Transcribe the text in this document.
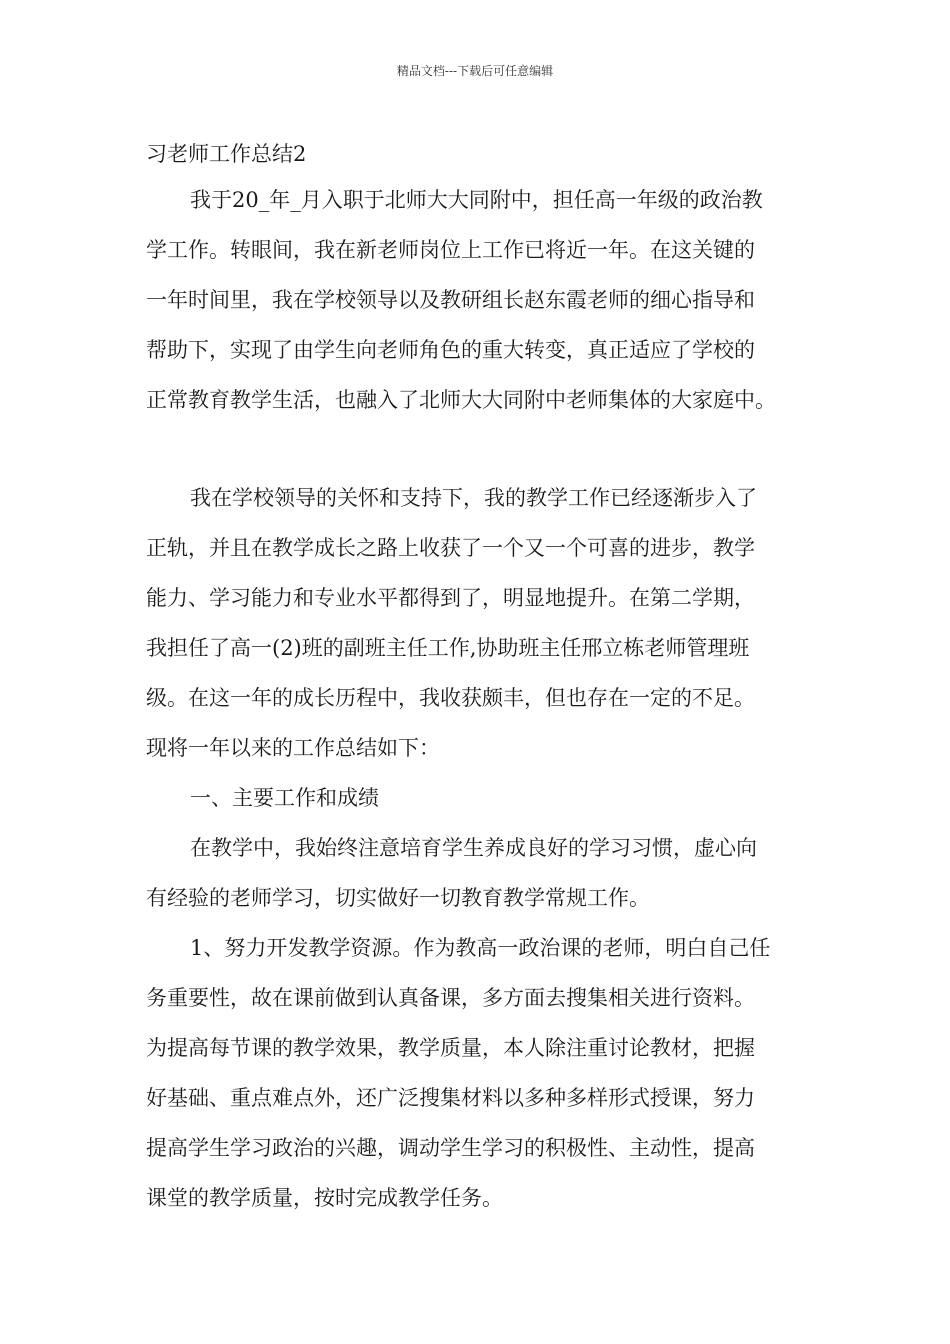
精品文档---下载后可任意编辑
习老师工作总结2
我于20_年_月入职于北师大大同附中，担任高一年级的政治教
学工作。转眼间，我在新老师岗位上工作已将近一年。在这关键的
一年时间里，我在学校领导以及教研组长赵东霞老师的细心指导和
帮助下，实现了由学生向老师角色的重大转变，真正适应了学校的
正常教育教学生活，也融入了北师大大同附中老师集体的大家庭中。
我在学校领导的关怀和支持下，我的教学工作已经逐渐步入了
正轨，并且在教学成长之路上收获了一个又一个可喜的进步，教学
能力、学习能力和专业水平都得到了，明显地提升。在第二学期，
我担任了高一(2)班的副班主任工作,协助班主任邢立栋老师管理班
级。在这一年的成长历程中，我收获颇丰，但也存在一定的不足。
现将一年以来的工作总结如下：
一、主要工作和成绩
在教学中，我始终注意培育学生养成良好的学习习惯，虚心向
有经验的老师学习，切实做好一切教育教学常规工作。
1、努力开发教学资源。作为教高一政治课的老师，明白自己任
务重要性，故在课前做到认真备课，多方面去搜集相关进行资料。
为提高每节课的教学效果，教学质量，本人除注重讨论教材，把握
好基础、重点难点外，还广泛搜集材料以多种多样形式授课，努力
提高学生学习政治的兴趣，调动学生学习的积极性、主动性，提高
课堂的教学质量，按时完成教学任务。
